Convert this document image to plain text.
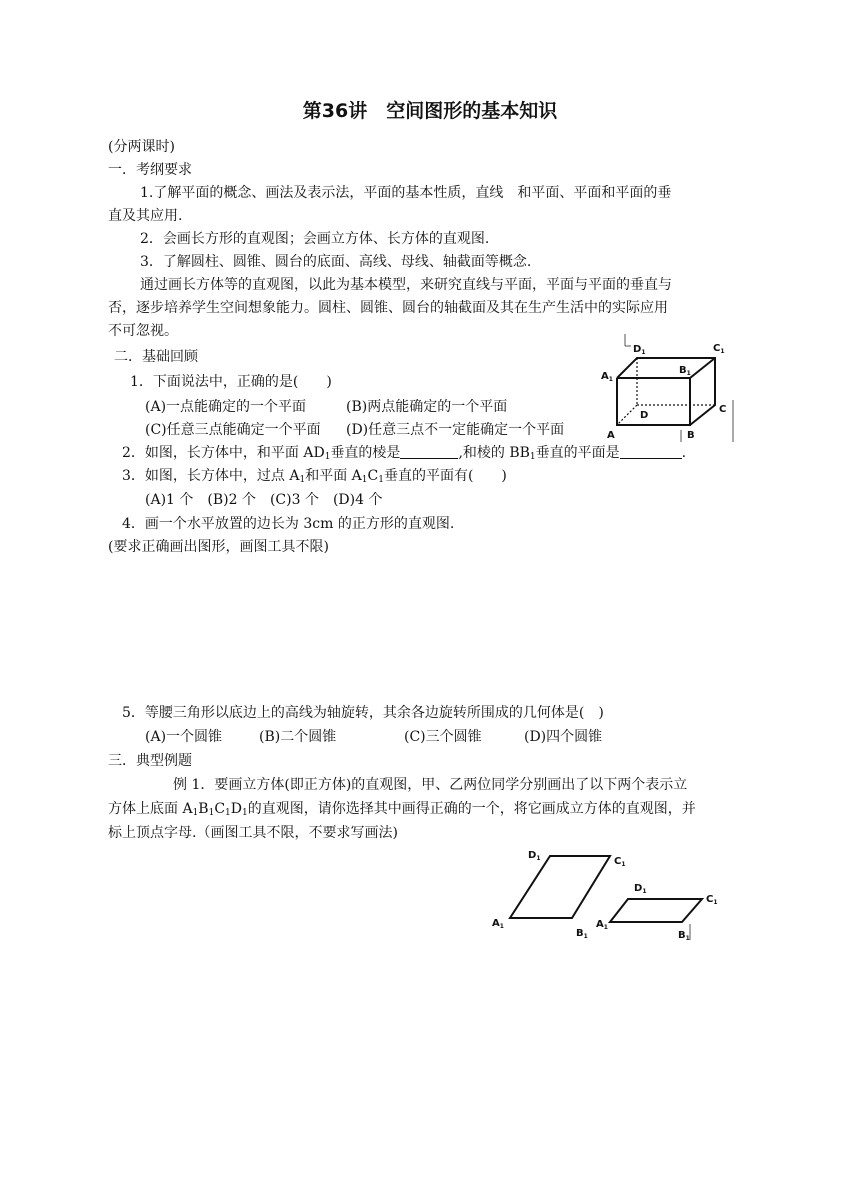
第36讲　空间图形的基本知识
(分两课时)
一．考纲要求
1.了解平面的概念、画法及表示法，平面的基本性质，直线　和平面、平面和平面的垂
直及其应用.
2．会画长方形的直观图；会画立方体、长方体的直观图.
3．了解圆柱、圆锥、圆台的底面、高线、母线、轴截面等概念.
通过画长方体等的直观图，以此为基本模型，来研究直线与平面，平面与平面的垂直与
否，逐步培养学生空间想象能力。圆柱、圆锥、圆台的轴截面及其在生产生活中的实际应用
不可忽视。
二．基础回顾
1．下面说法中，正确的是(　　)
(A)一点能确定的一个平面	(B)两点能确定的一个平面
(C)任意三点能确定一个平面 (D)任意三点不一定能确定一个平面
2．如图，长方体中，和平面 $AD_1$垂直的棱是	,和棱的 $BB_1$垂直的平面是	.
3．如图，长方体中，过点 $A_1$和平面 $A_1C_1$垂直的平面有(　　)
(A)1 个　(B)2 个　(C)3 个　(D)4 个
4．画一个水平放置的边长为 3cm 的正方形的直观图.
(要求正确画出图形，画图工具不限)
5．等腰三角形以底边上的高线为轴旋转，其余各边旋转所围成的几何体是(　)
(A)一个圆锥	(B)二个圆锥	(C)三个圆锥	(D)四个圆锥
三．典型例题
例 1．要画立方体(即正方体)的直观图，甲、乙两位同学分别画出了以下两个表示立
方体上底面 $A_1B_1C_1D_1$的直观图，请你选择其中画得正确的一个，将它画成立方体的直观图，并
标上顶点字母.（画图工具不限，不要求写画法)
$D_1$	$C_1$
$A_1$
$B_1$
D
C
A	B
$D_1$	$C_1$
$A_1$
$B_1$
$D_1$
$C_1$
$A_1$
$B_1$
